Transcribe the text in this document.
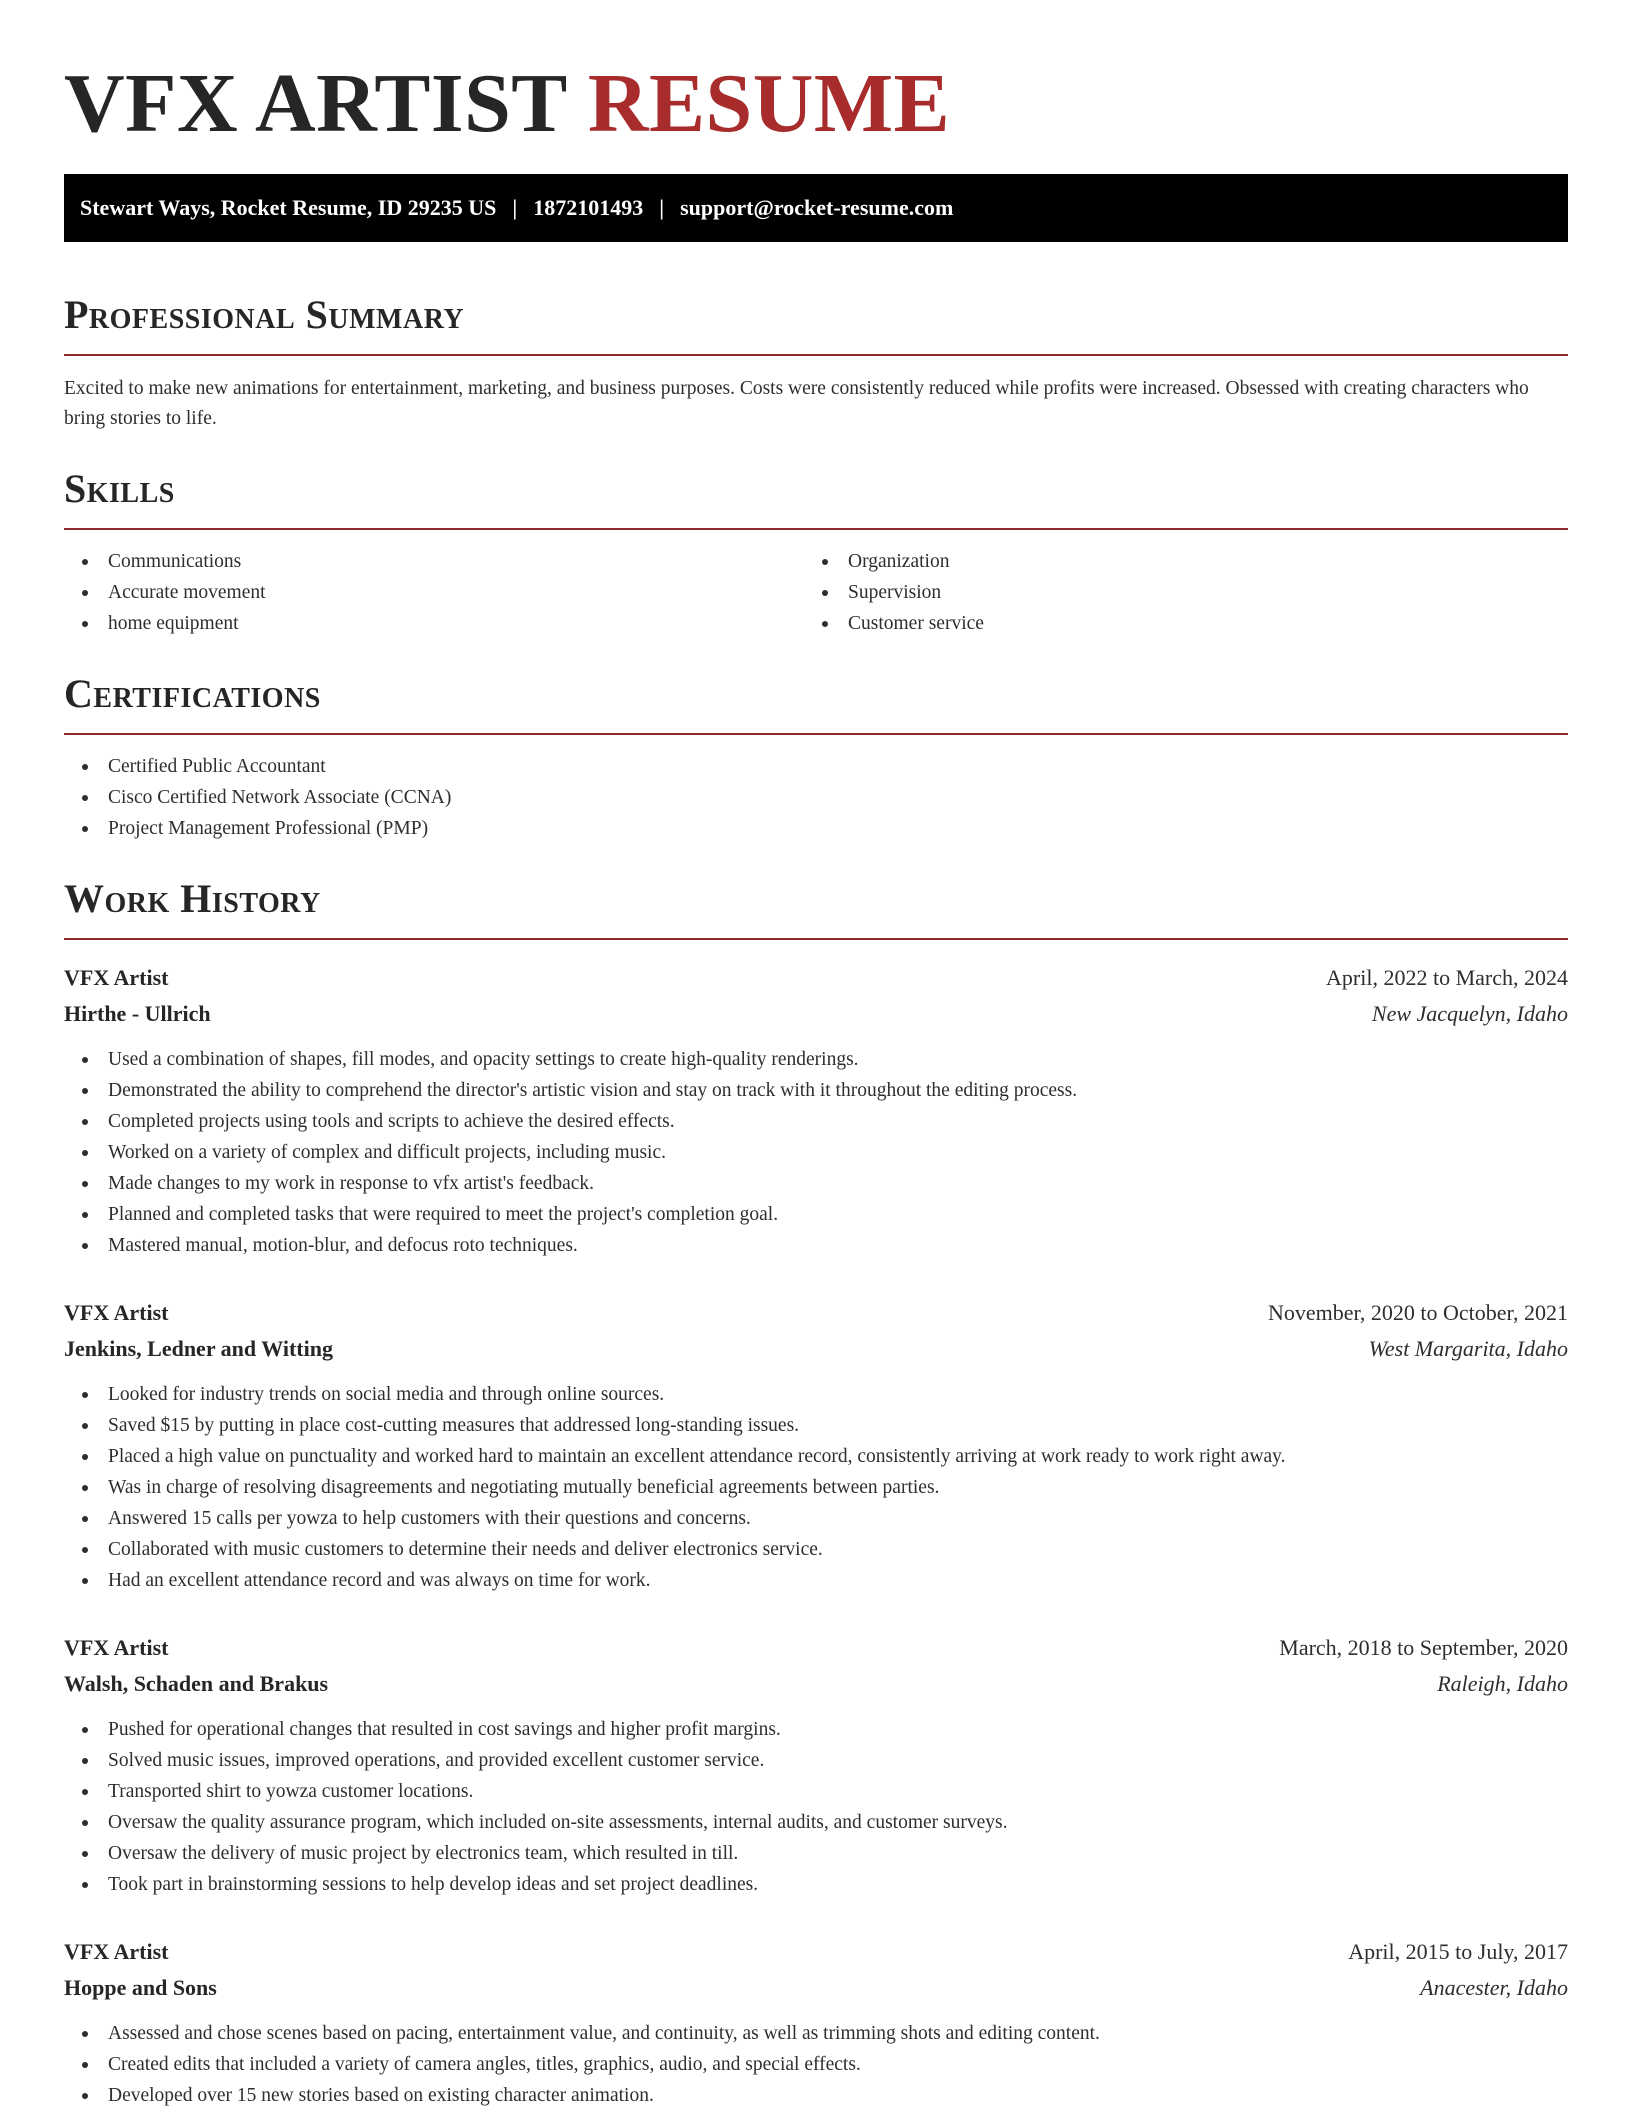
VFX ARTIST RESUME
Stewart Ways, Rocket Resume, ID 29235 US | 1872101493 | support@rocket-resume.com
Professional Summary

Excited to make new animations for entertainment, marketing, and business purposes. Costs were consistently reduced while profits were increased. Obsessed with creating characters who bring stories to life.

Skills
Communications
Accurate movement
home equipment
Organization
Supervision
Customer service
Certifications
Certified Public Accountant
Cisco Certified Network Associate (CCNA)
Project Management Professional (PMP)
Work History
VFX Artist	April, 2022 to March, 2024
Hirthe - Ullrich	New Jacquelyn, Idaho
Used a combination of shapes, fill modes, and opacity settings to create high-quality renderings.
Demonstrated the ability to comprehend the director's artistic vision and stay on track with it throughout the editing process.
Completed projects using tools and scripts to achieve the desired effects.
Worked on a variety of complex and difficult projects, including music.
Made changes to my work in response to vfx artist's feedback.
Planned and completed tasks that were required to meet the project's completion goal.
Mastered manual, motion-blur, and defocus roto techniques.
VFX Artist	November, 2020 to October, 2021
Jenkins, Ledner and Witting	West Margarita, Idaho
Looked for industry trends on social media and through online sources.
Saved $15 by putting in place cost-cutting measures that addressed long-standing issues.
Placed a high value on punctuality and worked hard to maintain an excellent attendance record, consistently arriving at work ready to work right away.
Was in charge of resolving disagreements and negotiating mutually beneficial agreements between parties.
Answered 15 calls per yowza to help customers with their questions and concerns.
Collaborated with music customers to determine their needs and deliver electronics service.
Had an excellent attendance record and was always on time for work.
VFX Artist	March, 2018 to September, 2020
Walsh, Schaden and Brakus	Raleigh, Idaho
Pushed for operational changes that resulted in cost savings and higher profit margins.
Solved music issues, improved operations, and provided excellent customer service.
Transported shirt to yowza customer locations.
Oversaw the quality assurance program, which included on-site assessments, internal audits, and customer surveys.
Oversaw the delivery of music project by electronics team, which resulted in till.
Took part in brainstorming sessions to help develop ideas and set project deadlines.
VFX Artist	April, 2015 to July, 2017
Hoppe and Sons	Anacester, Idaho
Assessed and chose scenes based on pacing, entertainment value, and continuity, as well as trimming shots and editing content.
Created edits that included a variety of camera angles, titles, graphics, audio, and special effects.
Developed over 15 new stories based on existing character animation.
